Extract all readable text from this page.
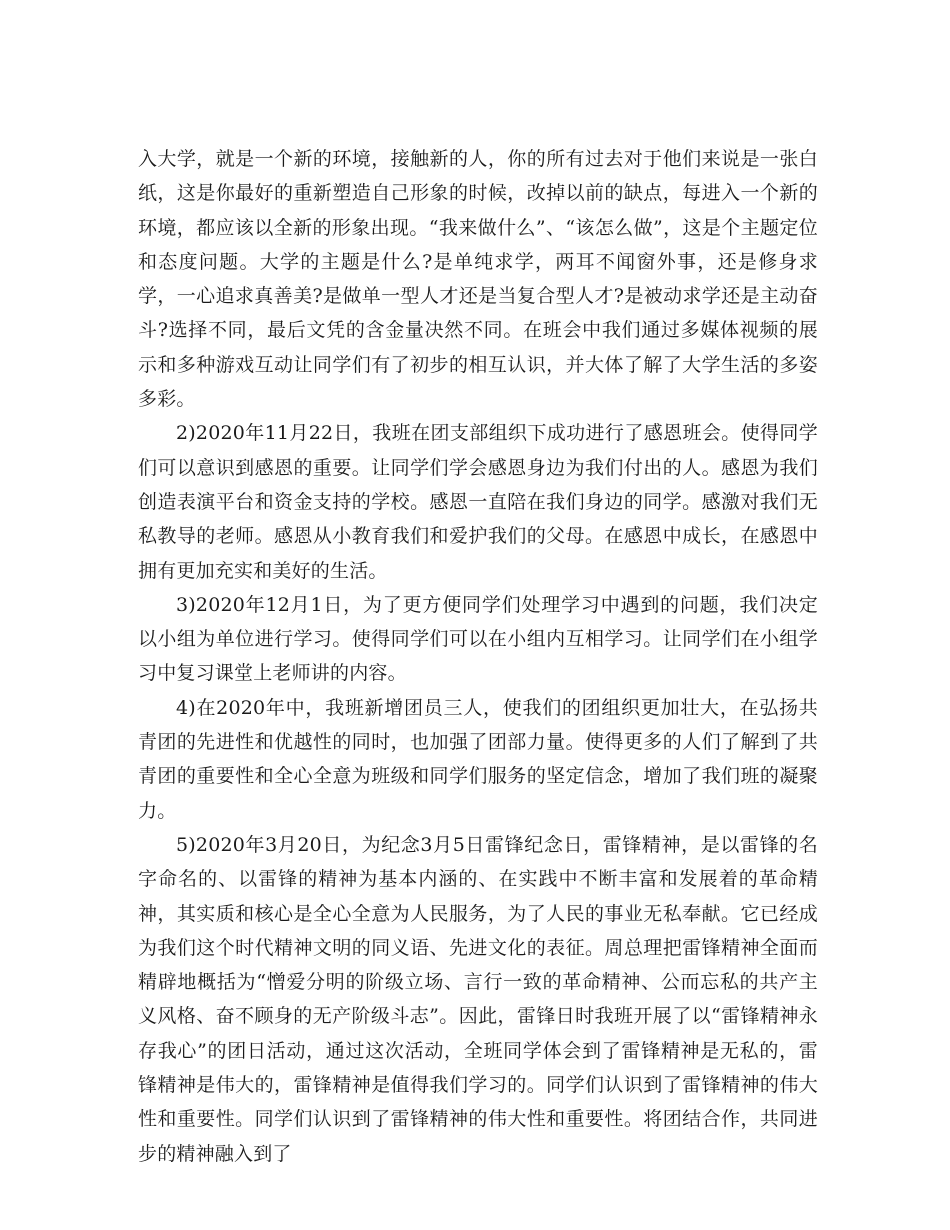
入大学，就是一个新的环境，接触新的人，你的所有过去对于他们来说是一张白纸，这是你最好的重新塑造自己形象的时候，改掉以前的缺点，每进入一个新的环境，都应该以全新的形象出现。“我来做什么”、“该怎么做”，这是个主题定位和态度问题。大学的主题是什么?是单纯求学，两耳不闻窗外事，还是修身求学，一心追求真善美?是做单一型人才还是当复合型人才?是被动求学还是主动奋斗?选择不同，最后文凭的含金量决然不同。在班会中我们通过多媒体视频的展示和多种游戏互动让同学们有了初步的相互认识，并大体了解了大学生活的多姿多彩。

2)2020年11月22日，我班在团支部组织下成功进行了感恩班会。使得同学们可以意识到感恩的重要。让同学们学会感恩身边为我们付出的人。感恩为我们创造表演平台和资金支持的学校。感恩一直陪在我们身边的同学。感激对我们无私教导的老师。感恩从小教育我们和爱护我们的父母。在感恩中成长，在感恩中拥有更加充实和美好的生活。

3)2020年12月1日，为了更方便同学们处理学习中遇到的问题，我们决定以小组为单位进行学习。使得同学们可以在小组内互相学习。让同学们在小组学习中复习课堂上老师讲的内容。

4)在2020年中，我班新增团员三人，使我们的团组织更加壮大，在弘扬共青团的先进性和优越性的同时，也加强了团部力量。使得更多的人们了解到了共青团的重要性和全心全意为班级和同学们服务的坚定信念，增加了我们班的凝聚力。

5)2020年3月20日，为纪念3月5日雷锋纪念日，雷锋精神，是以雷锋的名字命名的、以雷锋的精神为基本内涵的、在实践中不断丰富和发展着的革命精神，其实质和核心是全心全意为人民服务，为了人民的事业无私奉献。它已经成为我们这个时代精神文明的同义语、先进文化的表征。周总理把雷锋精神全面而精辟地概括为“憎爱分明的阶级立场、言行一致的革命精神、公而忘私的共产主义风格、奋不顾身的无产阶级斗志”。因此，雷锋日时我班开展了以“雷锋精神永存我心”的团日活动，通过这次活动，全班同学体会到了雷锋精神是无私的，雷锋精神是伟大的，雷锋精神是值得我们学习的。同学们认识到了雷锋精神的伟大性和重要性。同学们认识到了雷锋精神的伟大性和重要性。将团结合作，共同进步的精神融入到了
